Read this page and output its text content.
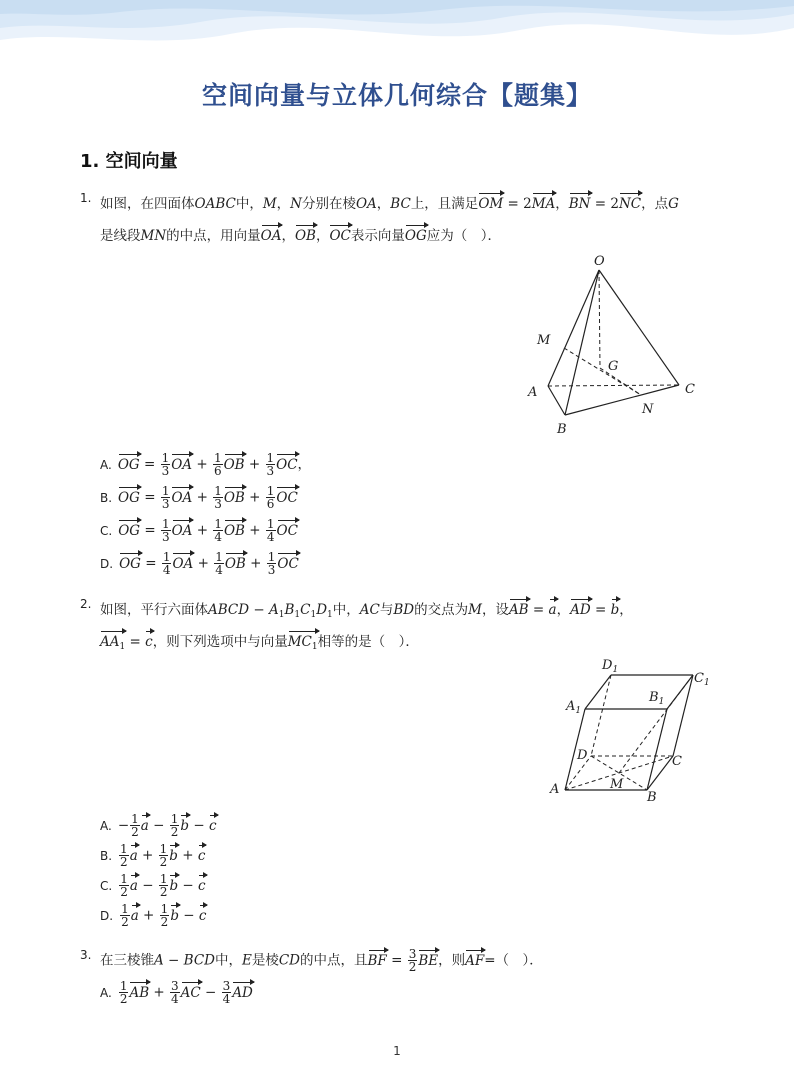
空间向量与立体几何综合【题集】
1. 空间向量
1. 如图，在四面体OABC中，M，N分别在棱OA，BC上，且满足OM = 2MA，BN = 2NC，点G
是线段MN的中点，用向量OA，OB，OC表示向量OG应为（　）．
O
M
G
A	C
N
B
A. OG = $\frac{1}{3}$ OA + $\frac{1}{6}$ OB + $\frac{1}{3}$ OC，
B. OG = $\frac{1}{3}$ OA + $\frac{1}{3}$ OB + $\frac{1}{6}$ OC
C. OG = $\frac{1}{3}$ OA + $\frac{1}{4}$ OB + $\frac{1}{4}$ OC
D. OG = $\frac{1}{4}$ OA + $\frac{1}{4}$ OB + $\frac{1}{3}$ OC
2. 如图，平行六面体ABCD − $A_1B_1C_1D_1$中，AC与BD的交点为M，设AB = a，AD = b，
$AA_1 = c$，则下列选项中与向量$MC_1$相等的是（　）．
$D_1$
$C_1$
$A_1$
$B_1$
D	C
A	M
B
A. − $\frac{1}{2}$ $a - \frac{1}{2}$ b − c
B. $\frac{1}{2}$ $a + \frac{1}{2}$ b + c
C. $\frac{1}{2}$ $a - \frac{1}{2}$ b − c
D. $\frac{1}{2}$ $a + \frac{1}{2}$ b − c
3. 在三棱锥A − BCD中，E是棱CD的中点，且BF = $\frac{3}{2}$ BE，则AF=（　）．
A. $\frac{1}{2}$ AB + $\frac{3}{4}$ AC − $\frac{3}{4}$ AD
1
